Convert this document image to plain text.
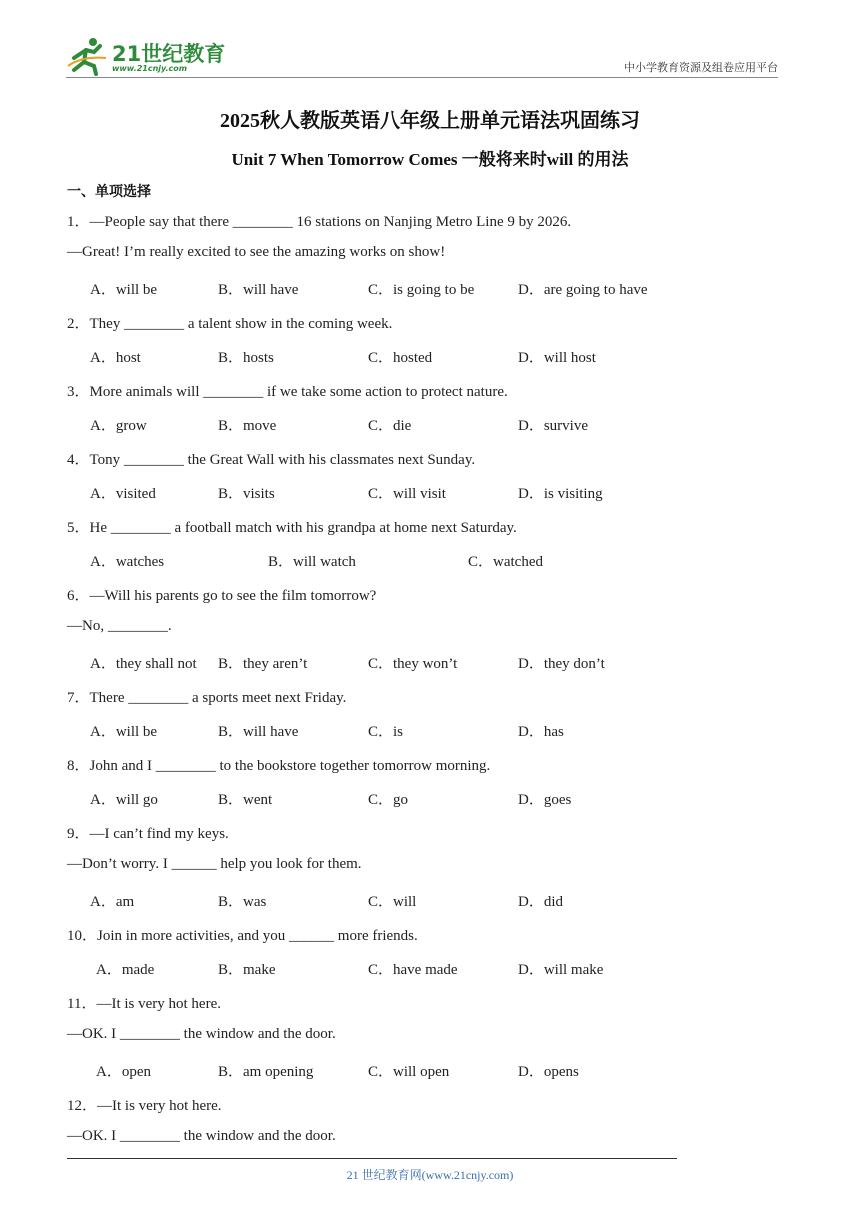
21世纪教育
www.21cnjy.com	中小学教育资源及组卷应用平台
2025秋人教版英语八年级上册单元语法巩固练习
Unit 7 When Tomorrow Comes 一般将来时will 的用法
一、单项选择
1．—People say that there ________ 16 stations on Nanjing Metro Line 9 by 2026.
—Great! I’m really excited to see the amazing works on show!
A．will be	B．will have	C．is going to be	D．are going to have
2．They ________ a talent show in the coming week.
A．host	B．hosts	C．hosted	D．will host
3．More animals will ________ if we take some action to protect nature.
A．grow	B．move	C．die	D．survive
4．Tony ________ the Great Wall with his classmates next Sunday.
A．visited	B．visits	C．will visit	D．is visiting
5．He ________ a football match with his grandpa at home next Saturday.
A．watches	B．will watch	C．watched
6．—Will his parents go to see the film tomorrow?
—No, ________.
A．they shall not B．they aren’t	C．they won’t	D．they don’t
7．There ________ a sports meet next Friday.
A．will be	B．will have	C．is	D．has
8．John and I ________ to the bookstore together tomorrow morning.
A．will go	B．went	C．go	D．goes
9．—I can’t find my keys.
—Don’t worry. I ______ help you look for them.
A．am	B．was	C．will	D．did
10．Join in more activities, and you ______ more friends.
A．made	B．make	C．have made	D．will make
11．—It is very hot here.
—OK. I ________ the window and the door.
A．open	B．am opening	C．will open	D．opens
12．—It is very hot here.
—OK. I ________ the window and the door.
21 世纪教育网(www.21cnjy.com)
